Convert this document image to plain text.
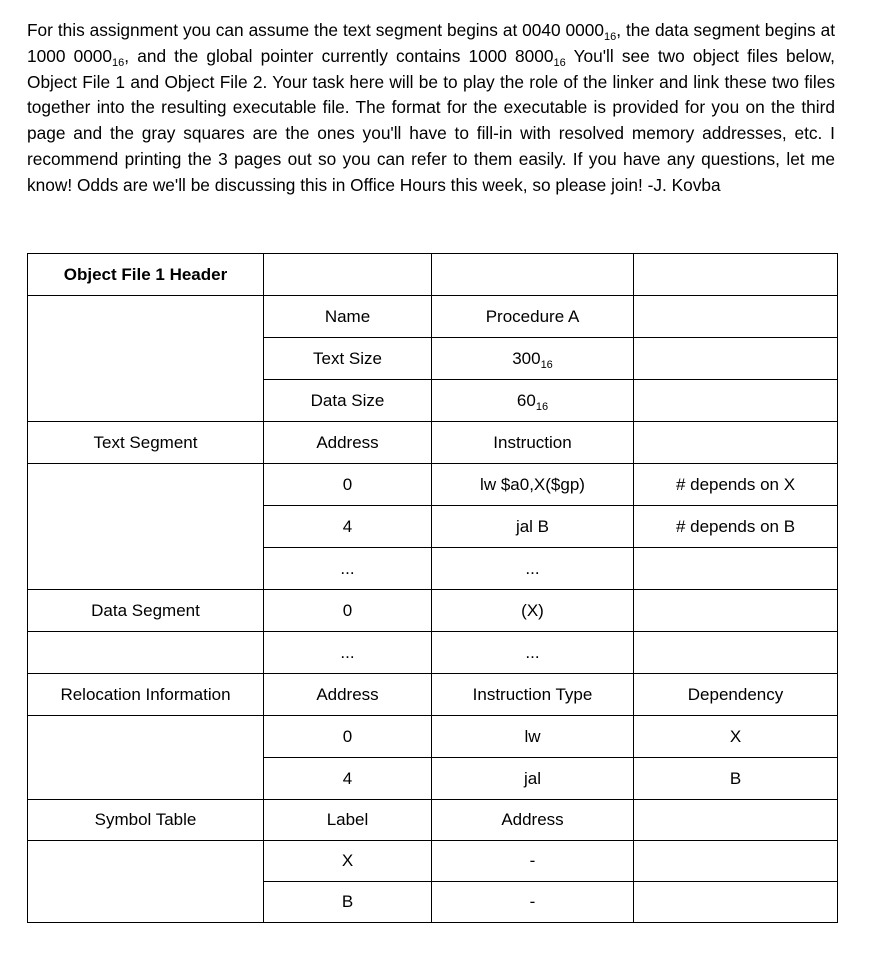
For this assignment you can assume the text segment begins at 0040 $0000_{16}$, the data segment begins at 1000 $0000_{16}$, and the global pointer currently contains 1000 $8000_{16}$ You'll see two object files below, Object File 1 and Object File 2. Your task here will be to play the role of the linker and link these two files together into the resulting executable file. The format for the executable is provided for you on the third page and the gray squares are the ones you'll have to fill-in with resolved memory addresses, etc. I recommend printing the 3 pages out so you can refer to them easily. If you have any questions, let me know! Odds are we'll be discussing this in Office Hours this week, so please join! -J. Kovba

Object File 1 Header			
	Name	Procedure A	
	Text Size	$300_{16}$	
	Data Size	$60_{16}$	
Text Segment	Address	Instruction	
	0	lw $a0,X($gp)	# depends on X
	4	jal B	# depends on B
	...	...	
Data Segment	0	(X)	
	...	...	
Relocation Information	Address	Instruction Type	Dependency
	0	lw	X
	4	jal	B
Symbol Table	Label	Address	
	X	-	
	B	-	
